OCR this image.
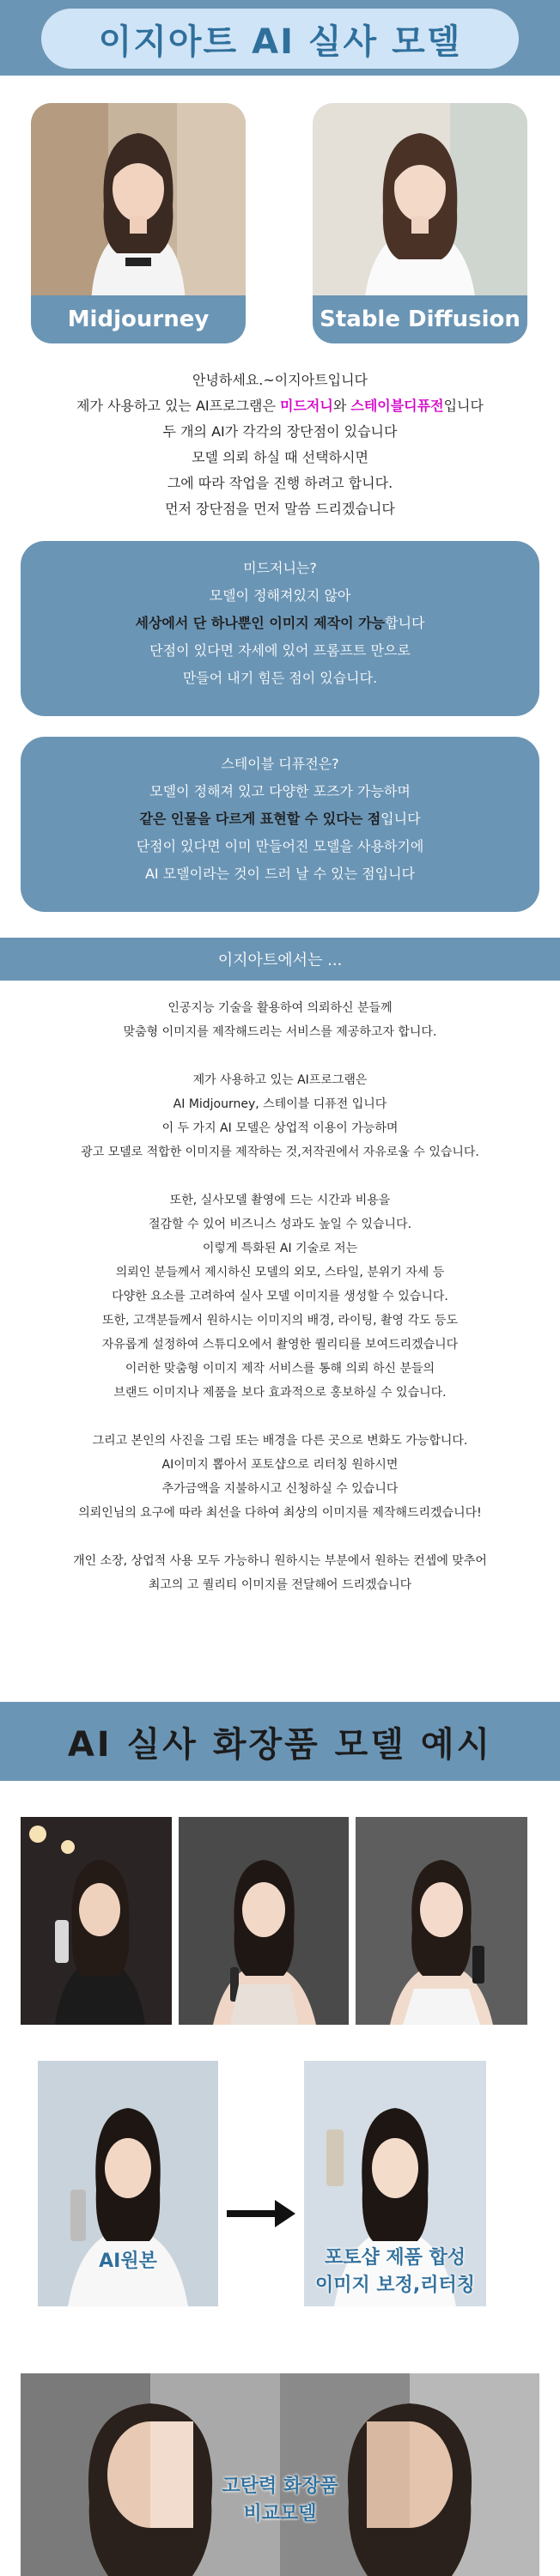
이지아트 AI 실사 모델
Midjourney	Stable Diffusion
안녕하세요.~이지아트입니다
제가 사용하고 있는 AI프로그램은 미드저니와 스테이블디퓨전입니다
두 개의 AI가 각각의 장단점이 있습니다
모델 의뢰 하실 때 선택하시면
그에 따라 작업을 진행 하려고 합니다.
먼저 장단점을 먼저 말씀 드리겠습니다
미드저니는?
모델이 정해져있지 않아
세상에서 단 하나뿐인 이미지 제작이 가능합니다
단점이 있다면 자세에 있어 프롬프트 만으로
만들어 내기 힘든 점이 있습니다.
스테이블 디퓨전은?
모델이 정해져 있고 다양한 포즈가 가능하며
같은 인물을 다르게 표현할 수 있다는 점입니다
단점이 있다면 이미 만들어진 모델을 사용하기에
AI 모델이라는 것이 드러 날 수 있는 점입니다
이지아트에서는 ...
인공지능 기술을 활용하여 의뢰하신 분들께
맞춤형 이미지를 제작해드리는 서비스를 제공하고자 합니다.
제가 사용하고 있는 AI프로그램은
AI Midjourney, 스테이블 디퓨전 입니다
이 두 가지 AI 모델은 상업적 이용이 가능하며
광고 모델로 적합한 이미지를 제작하는 것,저작권에서 자유로울 수 있습니다.
또한, 실사모델 촬영에 드는 시간과 비용을
절감할 수 있어 비즈니스 성과도 높일 수 있습니다.
이렇게 특화된 AI 기술로 저는
의뢰인 분들께서 제시하신 모델의 외모, 스타일, 분위기 자세 등
다양한 요소를 고려하여 실사 모델 이미지를 생성할 수 있습니다.
또한, 고객분들께서 원하시는 이미지의 배경, 라이팅, 촬영 각도 등도
자유롭게 설정하여 스튜디오에서 촬영한 퀄리티를 보여드리겠습니다
이러한 맞춤형 이미지 제작 서비스를 통해 의뢰 하신 분들의
브랜드 이미지나 제품을 보다 효과적으로 홍보하실 수 있습니다.
그리고 본인의 사진을 그림 또는 배경을 다른 곳으로 변화도 가능합니다.
AI이미지 뽑아서 포토샵으로 리터칭 원하시면
추가금액을 지불하시고 신청하실 수 있습니다
의뢰인님의 요구에 따라 최선을 다하여 최상의 이미지를 제작해드리겠습니다!
개인 소장, 상업적 사용 모두 가능하니 원하시는 부분에서 원하는 컨셉에 맞추어
최고의 고 퀄리티 이미지를 전달해어 드리겠습니다
AI 실사 화장품 모델 예시
AI원본	포토샵 제품 합성
이미지 보정,리터칭
고탄력 화장품
비교모델
